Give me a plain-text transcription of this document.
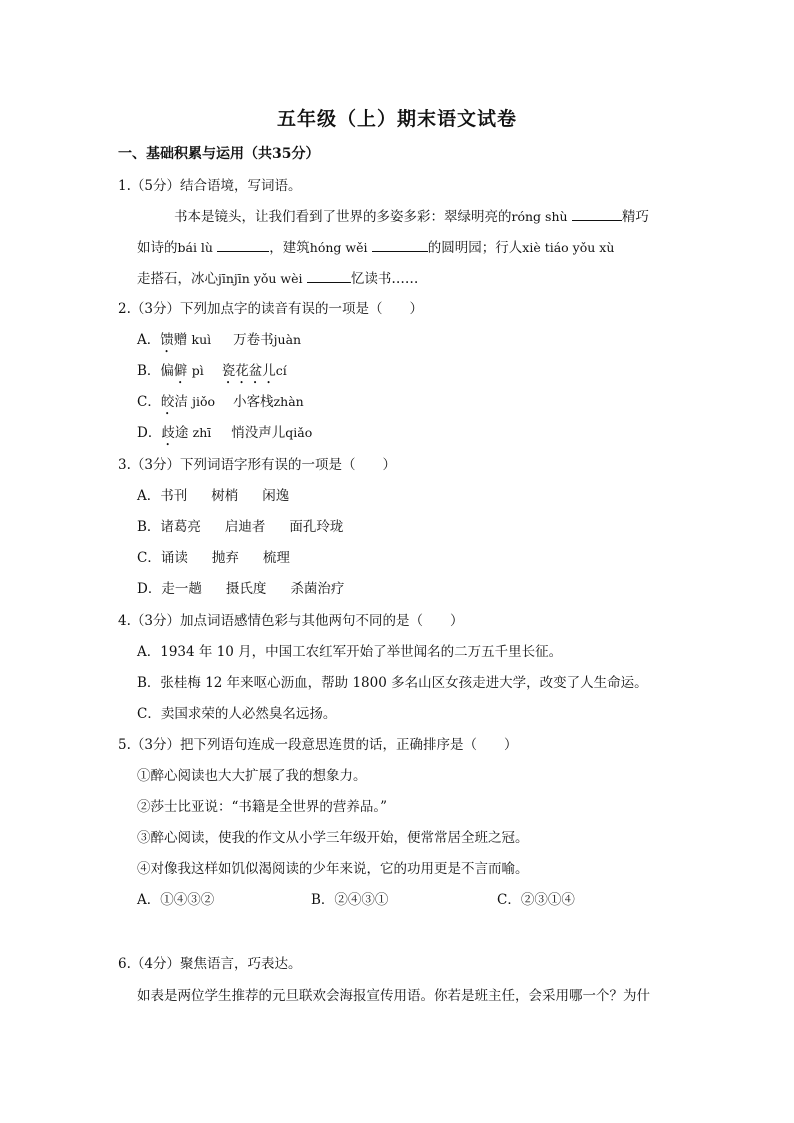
五年级（上）期末语文试卷
一、基础积累与运用（共35分）
1.（5分）结合语境，写词语。
书本是镜头，让我们看到了世界的多姿多彩：翠绿明亮的róng shù	精巧
如诗的bái lù	，建筑hóng wěi	的圆明园；行人xiè tiáo yǒu xù
走搭石，冰心jīnjīn yǒu wèi	忆读书……
2.（3分）下列加点字的读音有误的一项是（　　）
A．馈赠 kuì 万卷书juàn
B．偏僻 pì 瓷花盆儿cí
C．皎洁 jiǒo 小客栈zhàn
D．歧途 zhī 悄没声儿qiǎo
3.（3分）下列词语字形有误的一项是（　　）
A．书刊 树梢 闲逸
B．诸葛亮 启迪者 面孔玲珑
C．诵读 抛弃 梳理
D．走一趟 摄氏度 杀菌治疗
4.（3分）加点词语感情色彩与其他两句不同的是（　　）
A．1934 年 10 月，中国工农红军开始了举世闻名的二万五千里长征。
B．张桂梅 12 年来呕心沥血，帮助 1800 多名山区女孩走进大学，改变了人生命运。
C．卖国求荣的人必然臭名远扬。
5.（3分）把下列语句连成一段意思连贯的话，正确排序是（　　）
①醉心阅读也大大扩展了我的想象力。
②莎士比亚说：“书籍是全世界的营养品。”
③醉心阅读，使我的作文从小学三年级开始，便常常居全班之冠。
④对像我这样如饥似渴阅读的少年来说，它的功用更是不言而喻。
A．①④③②	B．②④③①	C．②③①④
6.（4分）聚焦语言，巧表达。
如表是两位学生推荐的元旦联欢会海报宣传用语。你若是班主任，会采用哪一个？为什
